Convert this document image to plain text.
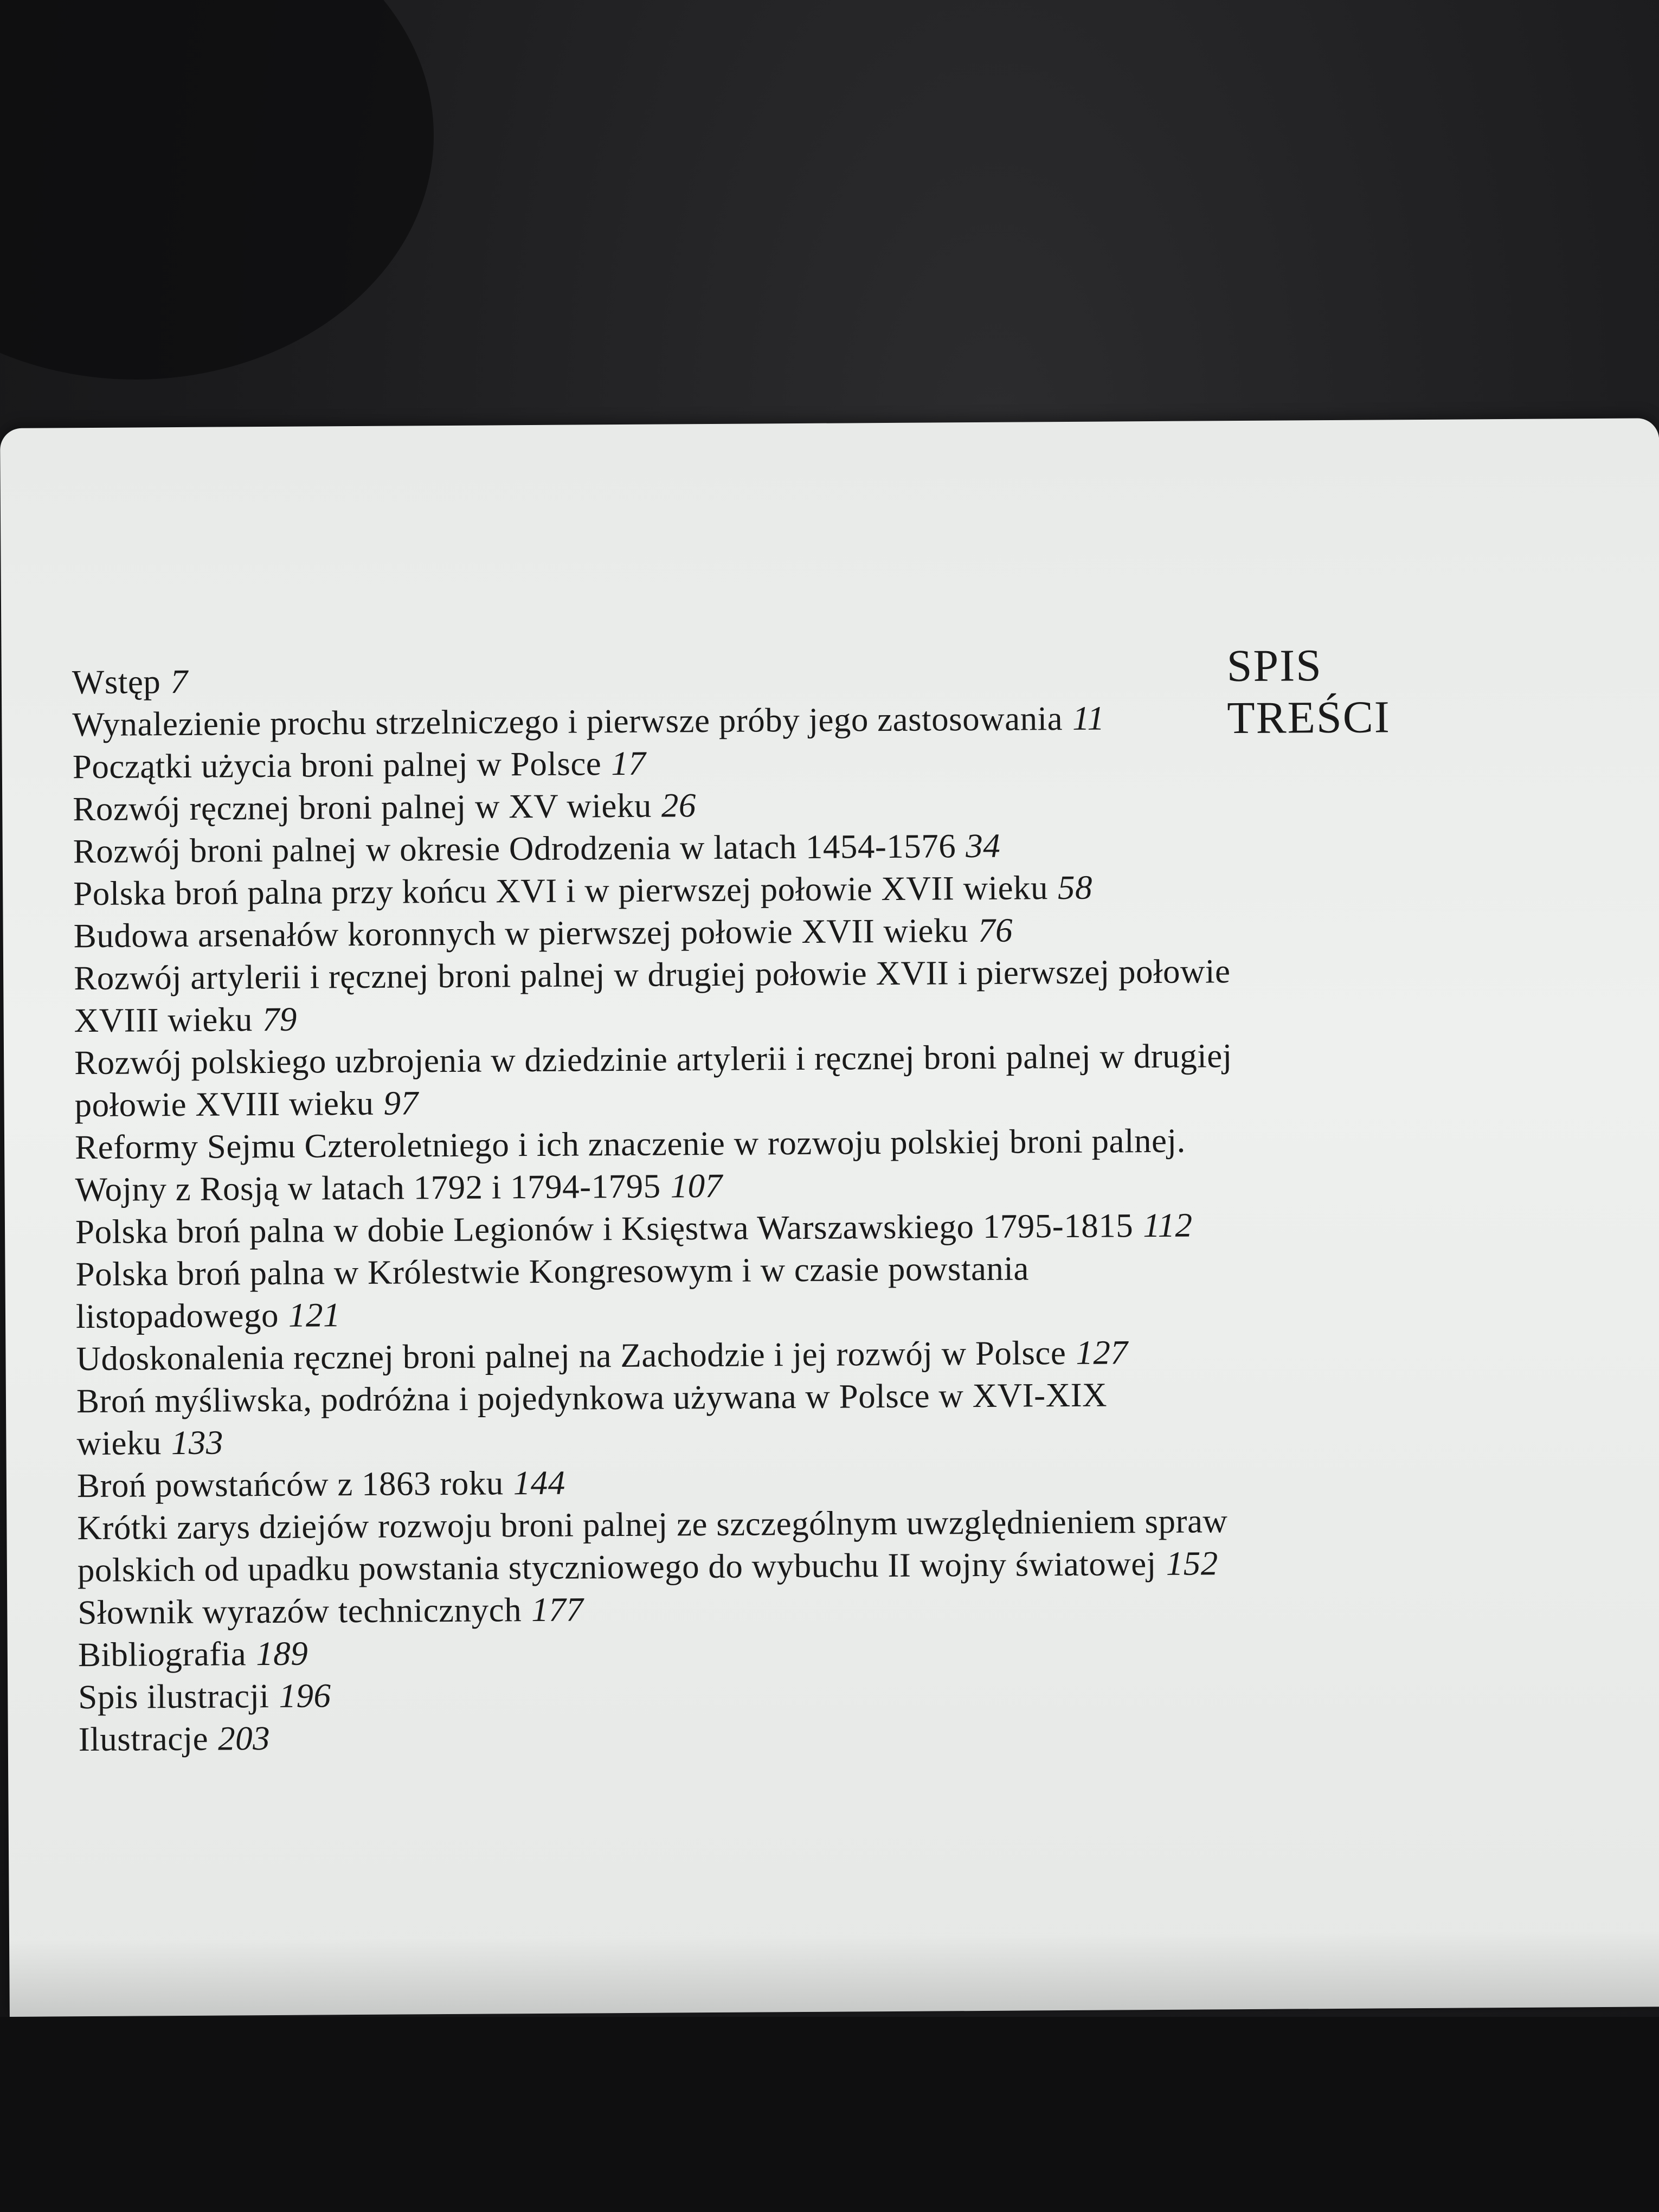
Wstęp 7

Wynalezienie prochu strzelniczego i pierwsze próby jego zastosowania 11

Początki użycia broni palnej w Polsce 17

Rozwój ręcznej broni palnej w XV wieku 26

Rozwój broni palnej w okresie Odrodzenia w latach 1454-1576 34

Polska broń palna przy końcu XVI i w pierwszej połowie XVII wieku 58

Budowa arsenałów koronnych w pierwszej połowie XVII wieku 76

Rozwój artylerii i ręcznej broni palnej w drugiej połowie XVII i pierwszej połowie XVIII wieku 79

Rozwój polskiego uzbrojenia w dziedzinie artylerii i ręcznej broni palnej w drugiej połowie XVIII wieku 97

Reformy Sejmu Czteroletniego i ich znaczenie w rozwoju polskiej broni palnej. Wojny z Rosją w latach 1792 i 1794-1795 107

Polska broń palna w dobie Legionów i Księstwa Warszawskiego 1795-1815 112

Polska broń palna w Królestwie Kongresowym i w czasie powstania listopadowego 121

Udoskonalenia ręcznej broni palnej na Zachodzie i jej rozwój w Polsce 127

Broń myśliwska, podróżna i pojedynkowa używana w Polsce w XVI-XIX wieku 133

Broń powstańców z 1863 roku 144

Krótki zarys dziejów rozwoju broni palnej ze szczególnym uwzględnieniem spraw polskich od upadku powstania styczniowego do wybuchu II wojny światowej 152

Słownik wyrazów technicznych 177

Bibliografia 189

Spis ilustracji 196

Ilustracje 203

SPIS
TREŚCI
